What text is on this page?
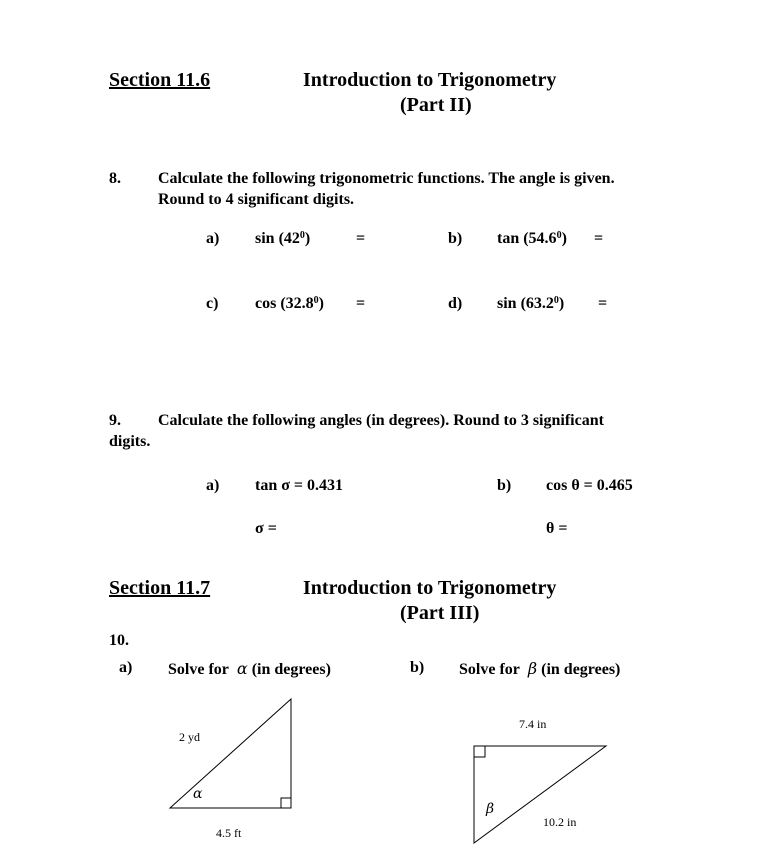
Section 11.6	Introduction to Trigonometry
(Part II)
8. Calculate the following trigonometric functions. The angle is given.
Round to 4 significant digits.
a) $\sin (42^0)$	=	b) $\tan (54.6^0)$ =
c) $\cos (32.8^0)$ =	d) $\sin (63.2^0)$ =
9. Calculate the following angles (in degrees). Round to 3 significant
digits.
a) tan σ = 0.431
σ =
b) cos θ = 0.465
θ =
Section 11.7	Introduction to Trigonometry
(Part III)
10.
a) Solve for α (in degrees)	b) Solve for β (in degrees)
2 yd
4.5 ft
α
7.4 in
10.2 in
β
